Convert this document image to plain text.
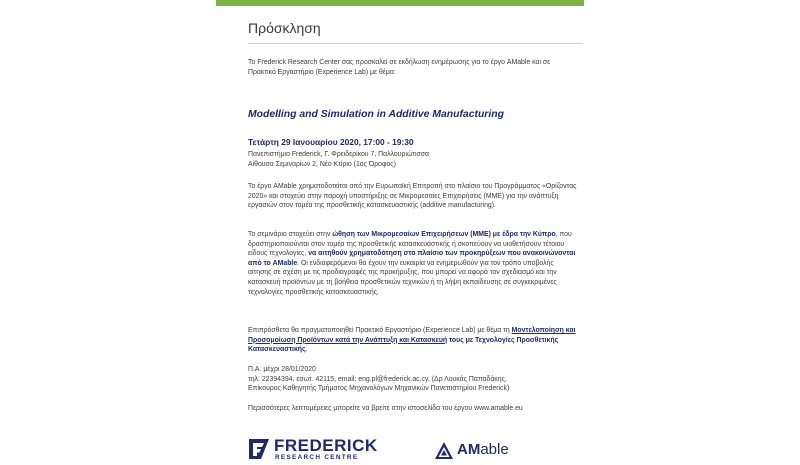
Πρόσκληση
To Frederick Research Center σας προσκαλεί σε εκδήλωση ενημέρωσης για το έργο AMable και σε Πρακτικό Εργαστήριο (Experience Lab) με θέμα:
Modelling and Simulation in Additive Manufacturing
Τετάρτη 29 Ιανουαρίου 2020, 17:00 - 19:30
Πανεπιστήμιο Frederick, Γ. Φρειδερίκου 7, Παλλουριώτισσα
Αίθουσα Σεμιναρίων 2, Νέο Κτίριο (1ος Όροφος)
Το έργο AMable χρηματοδοτείται από την Ευρωπαϊκή Επιτροπή στο πλαίσιο του Προγράμματος «Ορίζοντας 2020» και στοχεύει στην παροχή υποστήριξης σε Μικρομεσαίες Επιχειρήσεις (ΜΜΕ) για την ανάπτυξη εργασιών στον τομέα της προσθετικής κατασκευαστικής (additive manufacturing).
Το σεμινάριο στοχεύει στην ώθηση των Μικρομεσαίων Επιχειρήσεων (ΜΜΕ) με έδρα την Κύπρο, που δραστηριοποιούνται στον τομέα της προσθετικής κατασκευαστικής ή σκοπεύουν να υιοθετήσουν τέτοιου είδους τεχνολογίες, να αιτηθούν χρηματοδότηση στο πλαίσιο των προκηρύξεων που ανακοινώνονται από το AMable. Οι ενδιαφερόμενοι θα έχουν την ευκαιρία να ενημερωθούν για τον τρόπο υποβολής αίτησης σε σχέση με τις προδιαγραφές της προκήρυξης, που μπορεί να αφορά τον σχεδιασμό και την κατασκευή προϊόντων με τη βοήθεια προσθετικών τεχνικών ή τη λήψη εκπαίδευσης σε συγκεκριμένες τεχνολογίες προσθετικής κατασκευαστικής.
Επιπρόσθετα θα πραγματοποιηθεί Πρακτικό Εργαστήριο (Experience Lab) με θέμα τη Μοντελοποίηση και Προσομοίωση Προϊόντων κατά την Ανάπτυξη και Κατασκευή τους με Τεχνολογίες Προσθετικής Κατασκευαστικής.
Π.Α. μέχρι 28/01/2020
τηλ: 22394394, εσωτ. 42115, email: eng.pl@frederick.ac.cy, (Δρ Λουκάς Παπαδάκης,
Επίκουρος Καθηγητής Τμήματος Μηχανολόγων Μηχανικών Πανεπιστημίου Frederick)
Περισσότερες λεπτομέρειες μπορείτε να βρείτε στην ιστοσελίδα του έργου www.amable.eu
FREDERICK
RESEARCH CENTRE	AMable
